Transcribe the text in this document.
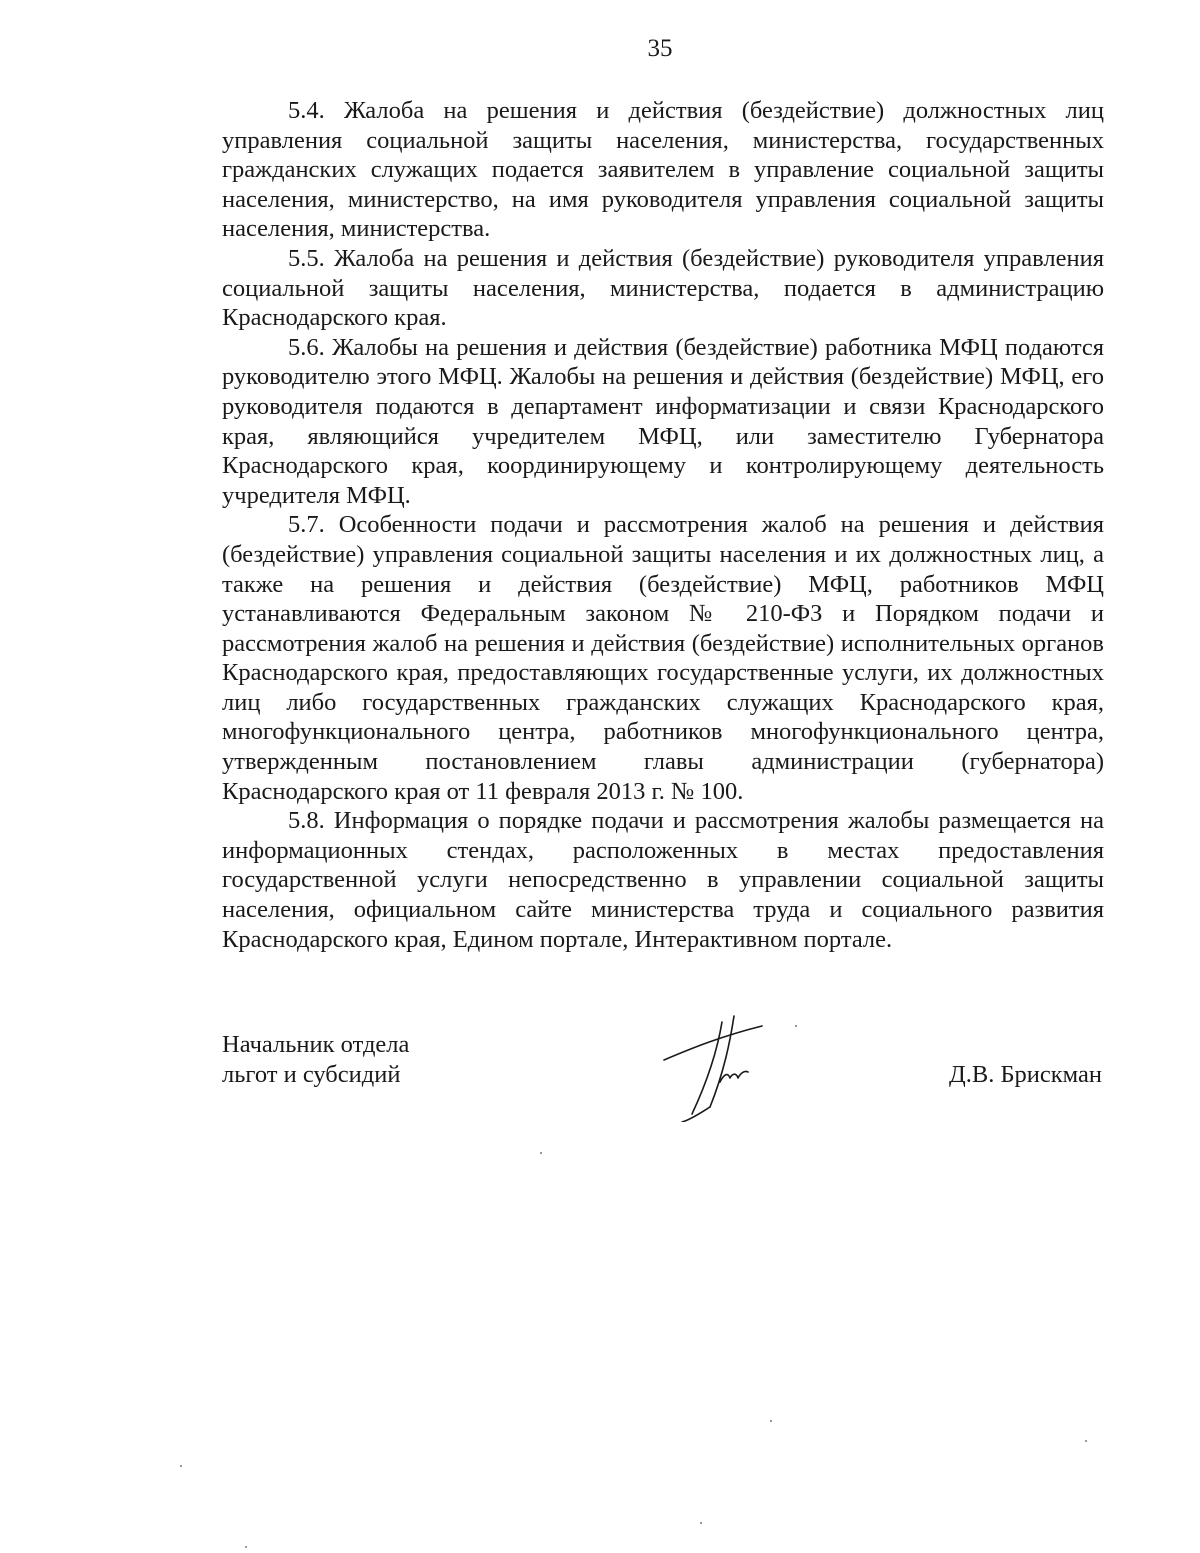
35

5.4. Жалоба на решения и действия (бездействие) должностных лиц управления социальной защиты населения, министерства, государственных гражданских служащих подается заявителем в управление социальной защиты населения, министерство, на имя руководителя управления социальной защиты населения, министерства.

5.5. Жалоба на решения и действия (бездействие) руководителя управления социальной защиты населения, министерства, подается в администрацию Краснодарского края.

5.6. Жалобы на решения и действия (бездействие) работника МФЦ подаются руководителю этого МФЦ. Жалобы на решения и действия (бездействие) МФЦ, его руководителя подаются в департамент информатизации и связи Краснодарского края, являющийся учредителем МФЦ, или заместителю Губернатора Краснодарского края, координирующему и контролирующему деятельность учредителя МФЦ.

5.7. Особенности подачи и рассмотрения жалоб на решения и действия (бездействие) управления социальной защиты населения и их должностных лиц, а также на решения и действия (бездействие) МФЦ, работников МФЦ устанавливаются Федеральным законом № 210-ФЗ и Порядком подачи и рассмотрения жалоб на решения и действия (бездействие) исполнительных органов Краснодарского края, предоставляющих государственные услуги, их должностных лиц либо государственных гражданских служащих Краснодарского края, многофункционального центра, работников многофункционального центра, утвержденным постановлением главы администрации (губернатора) Краснодарского края от 11 февраля 2013 г. № 100.

5.8. Информация о порядке подачи и рассмотрения жалобы размещается на информационных стендах, расположенных в местах предоставления государственной услуги непосредственно в управлении социальной защиты населения, официальном сайте министерства труда и социального развития Краснодарского края, Едином портале, Интерактивном портале.

Начальник отдела
льгот и субсидий	Д.В. Брискман
